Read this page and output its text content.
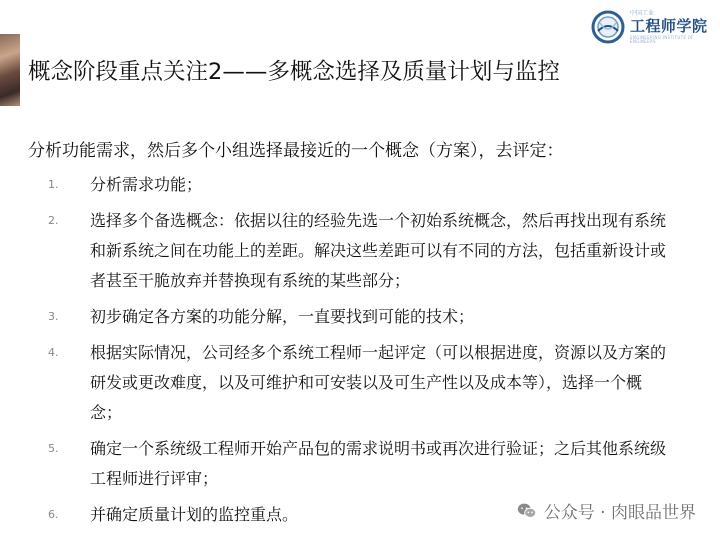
中国工业
工程师学院
ENGINEERING INSTITUTE OF ENGINEERS
概念阶段重点关注2——多概念选择及质量计划与监控
分析功能需求，然后多个小组选择最接近的一个概念（方案），去评定：
1.	分析需求功能；
2.	选择多个备选概念：依据以往的经验先选一个初始系统概念，然后再找出现有系统和新系统之间在功能上的差距。解决这些差距可以有不同的方法，包括重新设计或者甚至干脆放弃并替换现有系统的某些部分；
3.	初步确定各方案的功能分解，一直要找到可能的技术；
4.	根据实际情况，公司经多个系统工程师一起评定（可以根据进度，资源以及方案的研发或更改难度，以及可维护和可安装以及可生产性以及成本等），选择一个概念；
5.	确定一个系统级工程师开始产品包的需求说明书或再次进行验证；之后其他系统级工程师进行评审；
6.	并确定质量计划的监控重点。	公众号 · 肉眼品世界
